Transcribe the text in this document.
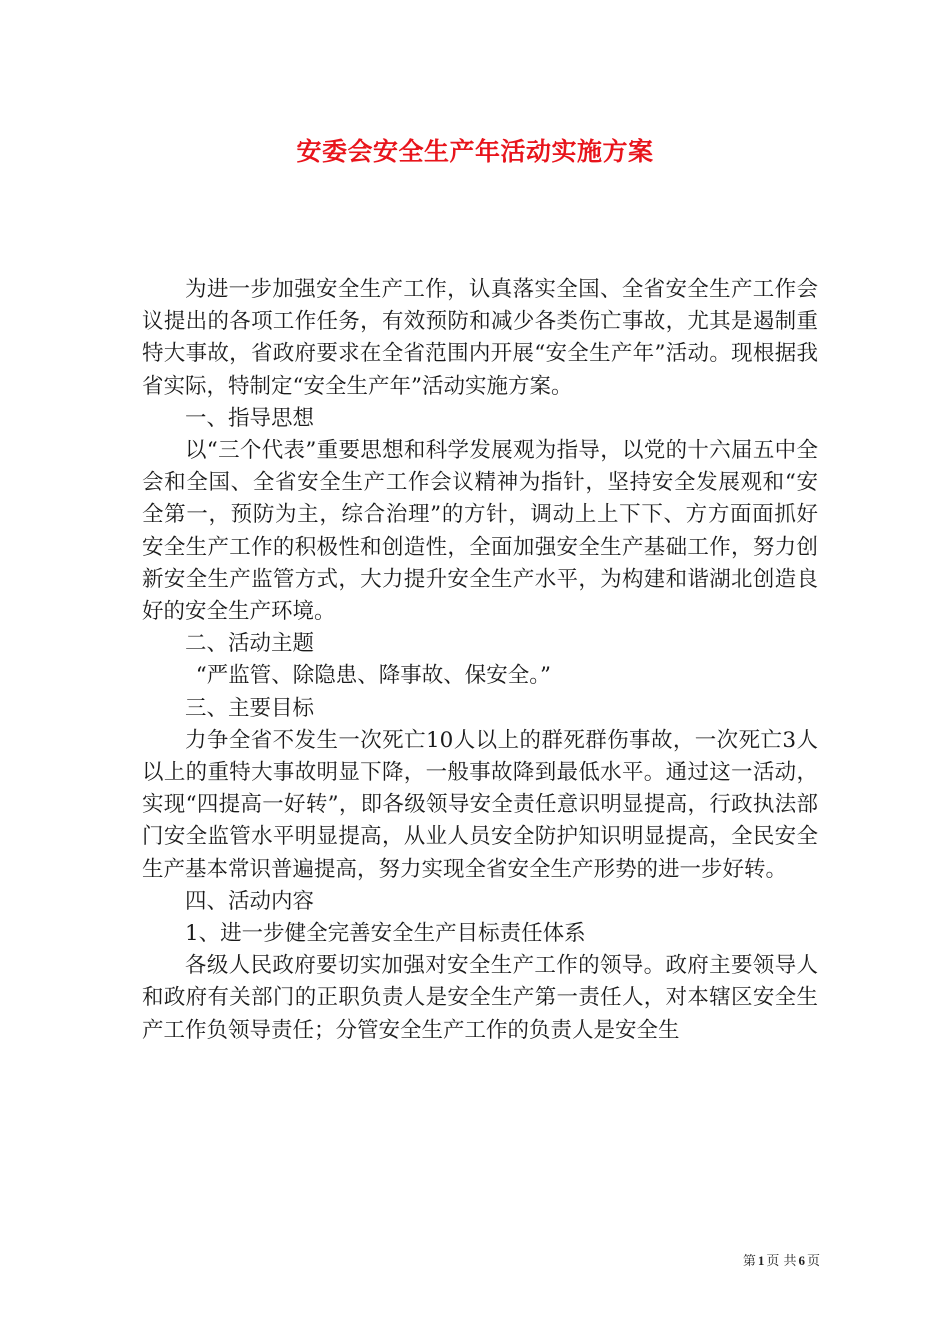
安委会安全生产年活动实施方案

为进一步加强安全生产工作，认真落实全国、全省安全生产工作会议提出的各项工作任务，有效预防和减少各类伤亡事故，尤其是遏制重特大事故，省政府要求在全省范围内开展“安全生产年”活动。现根据我省实际，特制定“安全生产年”活动实施方案。

一、指导思想

以“三个代表”重要思想和科学发展观为指导，以党的十六届五中全会和全国、全省安全生产工作会议精神为指针，坚持安全发展观和“安全第一，预防为主，综合治理”的方针，调动上上下下、方方面面抓好安全生产工作的积极性和创造性，全面加强安全生产基础工作，努力创新安全生产监管方式，大力提升安全生产水平，为构建和谐湖北创造良好的安全生产环境。

二、活动主题

“严监管、除隐患、降事故、保安全。”

三、主要目标

力争全省不发生一次死亡10人以上的群死群伤事故，一次死亡3人以上的重特大事故明显下降，一般事故降到最低水平。通过这一活动，实现“四提高一好转”，即各级领导安全责任意识明显提高，行政执法部门安全监管水平明显提高，从业人员安全防护知识明显提高，全民安全生产基本常识普遍提高，努力实现全省安全生产形势的进一步好转。

四、活动内容

1、进一步健全完善安全生产目标责任体系

各级人民政府要切实加强对安全生产工作的领导。政府主要领导人和政府有关部门的正职负责人是安全生产第一责任人，对本辖区安全生产工作负领导责任；分管安全生产工作的负责人是安全生

第 1 页 共 6 页
